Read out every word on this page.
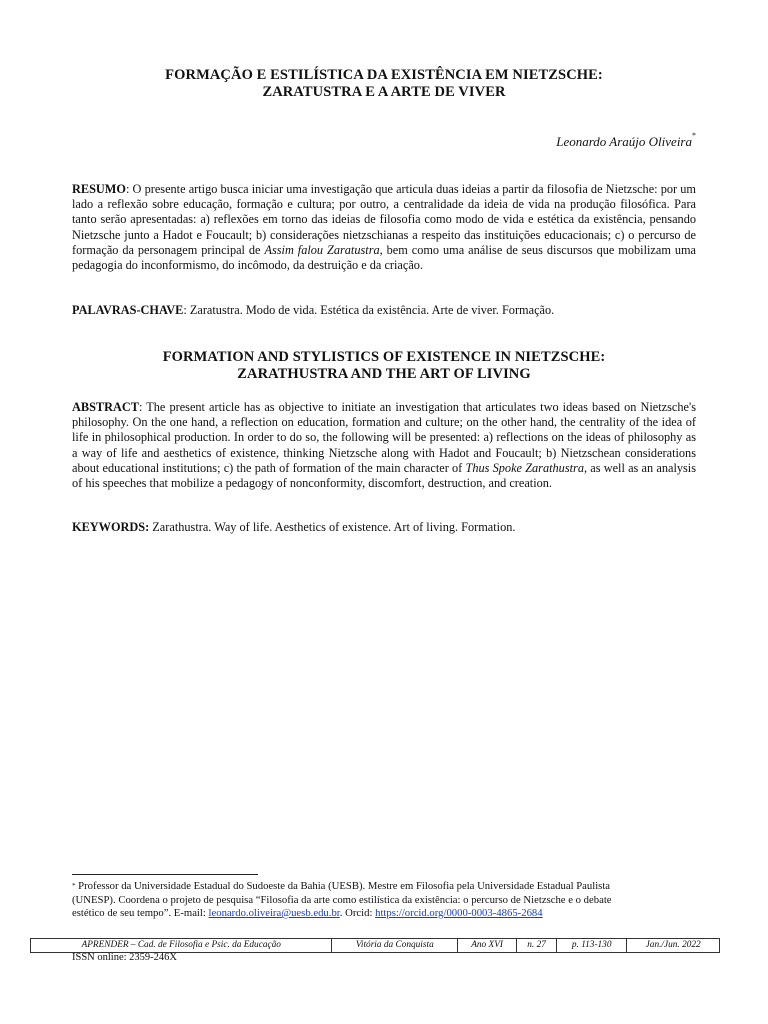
FORMAÇÃO E ESTILÍSTICA DA EXISTÊNCIA EM NIETZSCHE:
ZARATUSTRA E A ARTE DE VIVER
Leonardo Araújo Oliveira*

RESUMO: O presente artigo busca iniciar uma investigação que articula duas ideias a partir da filosofia de Nietzsche: por um lado a reflexão sobre educação, formação e cultura; por outro, a centralidade da ideia de vida na produção filosófica. Para tanto serão apresentadas: a) reflexões em torno das ideias de filosofia como modo de vida e estética da existência, pensando Nietzsche junto a Hadot e Foucault; b) considerações nietzschianas a respeito das instituições educacionais; c) o percurso de formação da personagem principal de Assim falou Zaratustra, bem como uma análise de seus discursos que mobilizam uma pedagogia do inconformismo, do incômodo, da destruição e da criação.

PALAVRAS-CHAVE: Zaratustra. Modo de vida. Estética da existência. Arte de viver. Formação.

FORMATION AND STYLISTICS OF EXISTENCE IN NIETZSCHE:
ZARATHUSTRA AND THE ART OF LIVING

ABSTRACT: The present article has as objective to initiate an investigation that articulates two ideas based on Nietzsche's philosophy. On the one hand, a reflection on education, formation and culture; on the other hand, the centrality of the idea of life in philosophical production. In order to do so, the following will be presented: a) reflections on the ideas of philosophy as a way of life and aesthetics of existence, thinking Nietzsche along with Hadot and Foucault; b) Nietzschean considerations about educational institutions; c) the path of formation of the main character of Thus Spoke Zarathustra, as well as an analysis of his speeches that mobilize a pedagogy of nonconformity, discomfort, destruction, and creation.

KEYWORDS: Zarathustra. Way of life. Aesthetics of existence. Art of living. Formation.

* Professor da Universidade Estadual do Sudoeste da Bahia (UESB). Mestre em Filosofia pela Universidade Estadual Paulista (UNESP). Coordena o projeto de pesquisa “Filosofia da arte como estilística da existência: o percurso de Nietzsche e o debate estético de seu tempo”. E-mail: leonardo.oliveira@uesb.edu.br. Orcid: https://orcid.org/0000-0003-4865-2684

APRENDER – Cad. de Filosofia e Psic. da Educação	Vitória da Conquista	Ano XVI	n. 27	p. 113-130	Jan./Jun. 2022
ISSN online: 2359-246X
